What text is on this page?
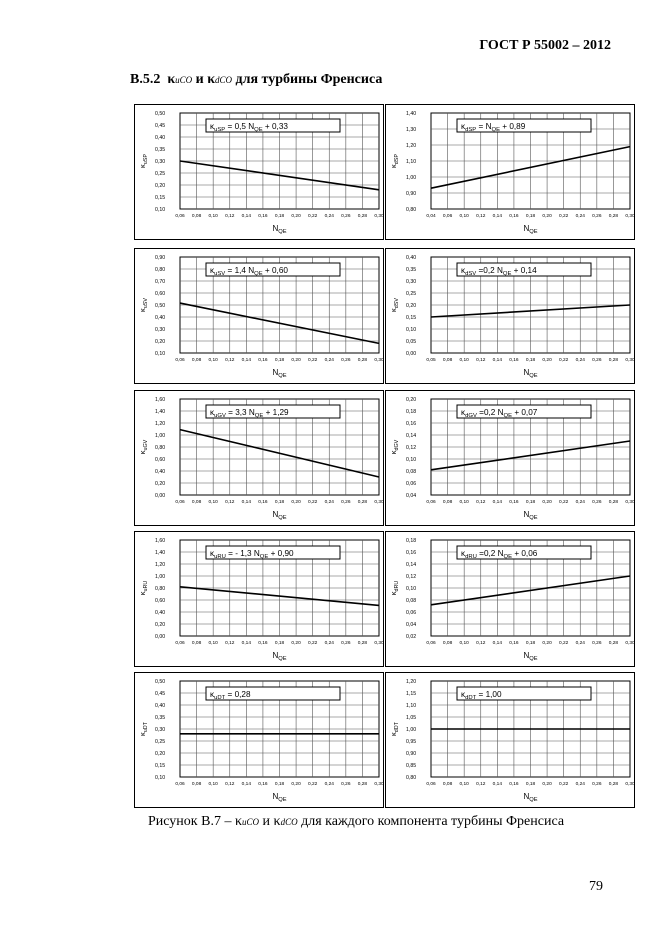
ГОСТ Р 55002 – 2012
В.5.2 κuCO и κdCO для турбины Френсиса
0,06 0,08 0,10 0,12 0,14 0,16 0,18 0,20 0,22 0,24 0,26 0,28 0,30
0,10
0,15
0,20
0,25
0,30
0,35
0,40
0,45
0,50
$\kappa_{uSP} = 0,5$ $N_{QE} + 0,33$
$N_{QE}$
$\kappa_{uSP}$
0,04 0,06 0,10 0,12 0,14 0,16 0,18 0,20 0,22 0,24 0,26 0,28 0,30
0,80
0,90
1,00
1,10
1,20
1,30
1,40
$\kappa_{dSP} = N_{QE} + 0,89$
$N_{QE}$
$\kappa_{dSP}$
0,06 0,08 0,10 0,12 0,14 0,16 0,18 0,20 0,22 0,24 0,26 0,28 0,30
0,10
0,20
0,30
0,40
0,50
0,60
0,70
0,80
0,90
$\kappa_{uSV} = 1,4$ $N_{QE} + 0,60$
$N_{QE}$
$\kappa_{uSV}$
0,05 0,08 0,10 0,12 0,14 0,16 0,18 0,20 0,22 0,24 0,26 0,28 0,30
0,00
0,05
0,10
0,15
0,20
0,25
0,30
0,35
0,40
$\kappa_{dSV} =0,2$ $N_{QE} + 0,14$
$N_{QE}$
$\kappa_{dSV}$
0,06 0,08 0,10 0,12 0,14 0,16 0,18 0,20 0,22 0,24 0,26 0,28 0,30
0,00
0,20
0,40
0,60
0,80
1,00
1,20
1,40
1,60
$\kappa_{uGV} = 3,3$ $N_{QE} + 1,29$
$N_{QE}$
$\kappa_{uGV}$
0,06 0,08 0,10 0,12 0,14 0,16 0,18 0,20 0,22 0,24 0,26 0,28 0,30
0,04
0,06
0,08
0,10
0,12
0,14
0,16
0,18
0,20
$\kappa_{dGV} =0,2$ $N_{QE} + 0,07$
$N_{QE}$
$\kappa_{dGV}$
0,06 0,08 0,10 0,12 0,14 0,16 0,18 0,20 0,22 0,24 0,26 0,28 0,30
0,00
0,20
0,40
0,60
0,80
1,00
1,20
1,40
1,60
$\kappa_{uRU}$ = - 1,3 $N_{QE} + 0,90$
$N_{QE}$
$\kappa_{uRU}$
0,06 0,08 0,10 0,12 0,14 0,16 0,18 0,20 0,22 0,24 0,26 0,28 0,30
0,02
0,04
0,06
0,08
0,10
0,12
0,14
0,16
0,18
$\kappa_{dRU} =0,2$ $N_{QE} + 0,06$
$N_{QE}$
$\kappa_{dRU}$
0,06 0,08 0,10 0,12 0,14 0,16 0,18 0,20 0,22 0,24 0,26 0,28 0,30
0,10
0,15
0,20
0,25
0,30
0,35
0,40
0,45
0,50
$\kappa_{uDT} = 0,28$
$N_{QE}$
$\kappa_{uDT}$
0,06 0,08 0,10 0,12 0,14 0,16 0,18 0,20 0,22 0,24 0,26 0,28 0,30
0,80
0,85
0,90
0,95
1,00
1,05
1,10
1,15
1,20
$\kappa_{dDT} = 1,00$
$N_{QE}$
$\kappa_{dDT}$
Рисунок В.7 – κuCO и κdCO для каждого компонента турбины Френсиса
79
